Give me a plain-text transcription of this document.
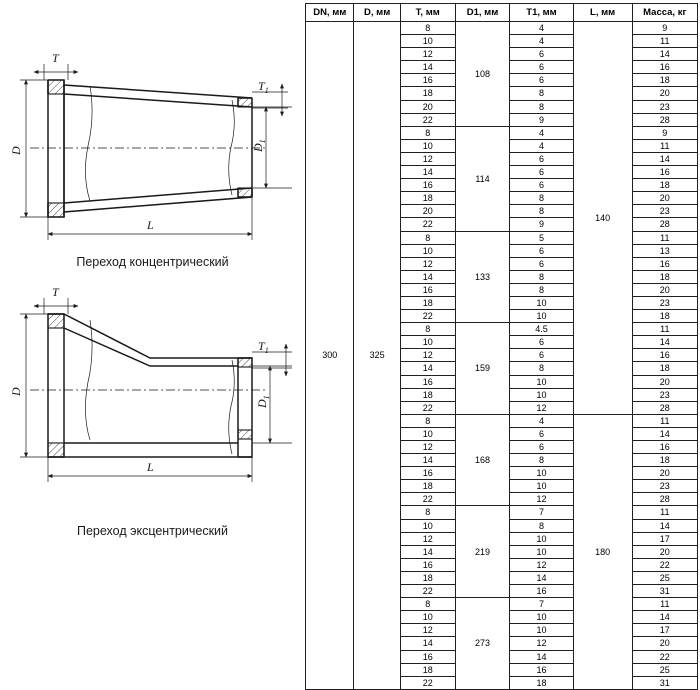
T
$T_1$
D	$D_1$
L
T
$T_1$
D
$D_1$
L
Переход концентрический
Переход эксцентрический
DN, мм	D, мм	T, мм	D1, мм	T1, мм	L, мм	Масса, кг
300	325	8	108	4	140	9
		10		4		11
		12		6		14
		14		6		16
		16		6		18
		18		8		20
		20		8		23
		22		9		28
		8	114	4		9
		10		4		11
		12		6		14
		14		6		16
		16		6		18
		18		8		20
		20		8		23
		22		9		28
		8	133	5		11
		10		6		13
		12		6		16
		14		8		18
		16		8		20
		18		10		23
		22		10		18
		8	159	4.5		11
		10		6		14
		12		6		16
		14		8		18
		16		10		20
		18		10		23
		22		12		28
		8	168	4	180	11
		10		6		14
		12		6		16
		14		8		18
		16		10		20
		18		10		23
		22		12		28
		8	219	7		11
		10		8		14
		12		10		17
		14		10		20
		16		12		22
		18		14		25
		22		16		31
		8	273	7		11
		10		10		14
		12		10		17
		14		12		20
		16		14		22
		18		16		25
		22		18		31
